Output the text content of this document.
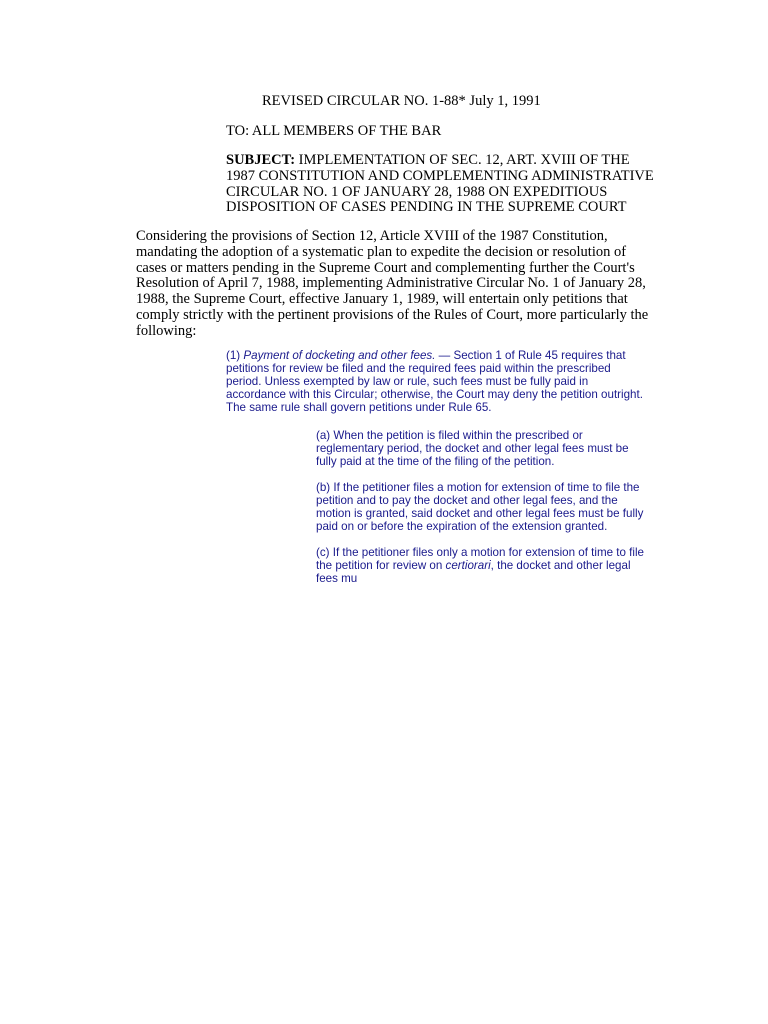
REVISED CIRCULAR NO. 1-88* July 1, 1991
TO: ALL MEMBERS OF THE BAR
SUBJECT: IMPLEMENTATION OF SEC. 12, ART. XVIII OF THE
1987 CONSTITUTION AND COMPLEMENTING ADMINISTRATIVE
CIRCULAR NO. 1 OF JANUARY 28, 1988 ON EXPEDITIOUS
DISPOSITION OF CASES PENDING IN THE SUPREME COURT
Considering the provisions of Section 12, Article XVIII of the 1987 Constitution,
mandating the adoption of a systematic plan to expedite the decision or resolution of
cases or matters pending in the Supreme Court and complementing further the Court's
Resolution of April 7, 1988, implementing Administrative Circular No. 1 of January 28,
1988, the Supreme Court, effective January 1, 1989, will entertain only petitions that
comply strictly with the pertinent provisions of the Rules of Court, more particularly the
following:
(1) Payment of docketing and other fees. — Section 1 of Rule 45 requires that
petitions for review be filed and the required fees paid within the prescribed
period. Unless exempted by law or rule, such fees must be fully paid in
accordance with this Circular; otherwise, the Court may deny the petition outright.
The same rule shall govern petitions under Rule 65.
(a) When the petition is filed within the prescribed or
reglementary period, the docket and other legal fees must be
fully paid at the time of the filing of the petition.
(b) If the petitioner files a motion for extension of time to file the
petition and to pay the docket and other legal fees, and the
motion is granted, said docket and other legal fees must be fully
paid on or before the expiration of the extension granted.
(c) If the petitioner files only a motion for extension of time to file
the petition for review on certiorari, the docket and other legal
fees mu
